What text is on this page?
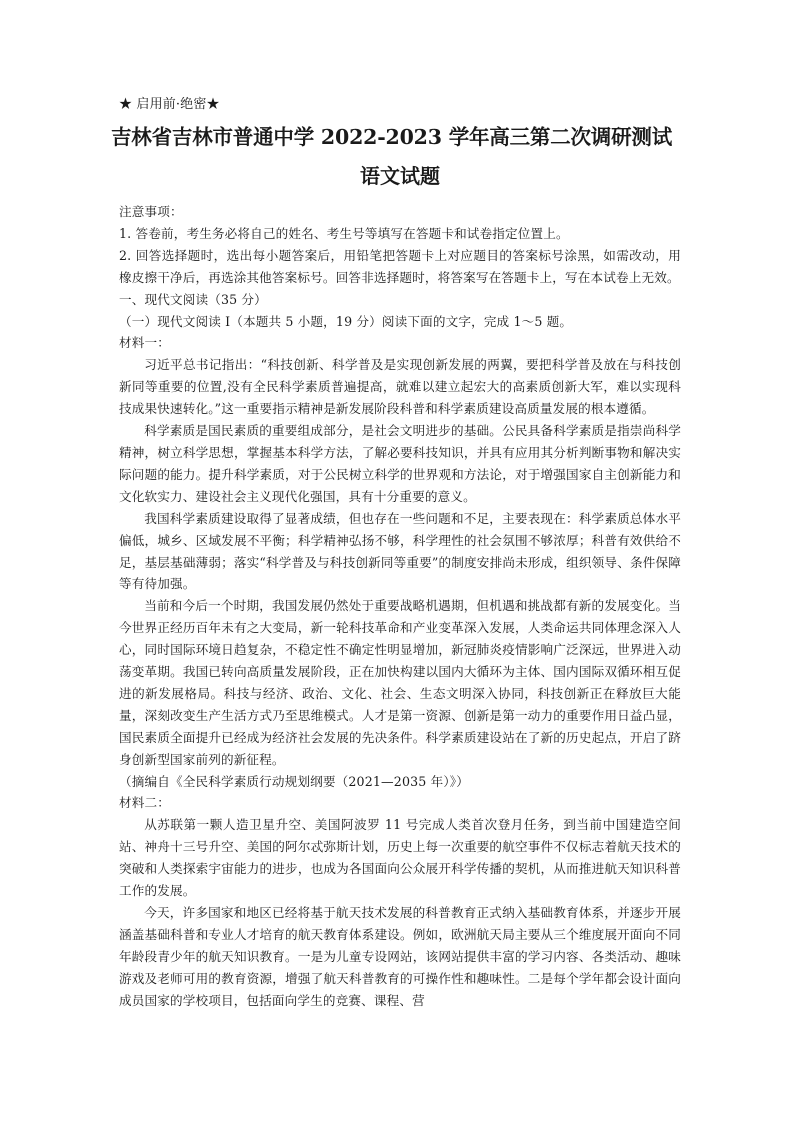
★ 启用前·绝密★

吉林省吉林市普通中学 2022-2023 学年高三第二次调研测试
语文试题

注意事项：

1. 答卷前，考生务必将自己的姓名、考生号等填写在答题卡和试卷指定位置上。

2. 回答选择题时，选出每小题答案后，用铅笔把答题卡上对应题目的答案标号涂黑，如需改动，用橡皮擦干净后，再选涂其他答案标号。回答非选择题时，将答案写在答题卡上，写在本试卷上无效。

一、现代文阅读（35 分）

（一）现代文阅读 I（本题共 5 小题，19 分）阅读下面的文字，完成 1～5 题。

材料一：

习近平总书记指出：“科技创新、科学普及是实现创新发展的两翼，要把科学普及放在与科技创新同等重要的位置,没有全民科学素质普遍提高，就难以建立起宏大的高素质创新大军，难以实现科技成果快速转化。”这一重要指示精神是新发展阶段科普和科学素质建设高质量发展的根本遵循。

科学素质是国民素质的重要组成部分，是社会文明进步的基础。公民具备科学素质是指崇尚科学精神，树立科学思想，掌握基本科学方法，了解必要科技知识，并具有应用其分析判断事物和解决实际问题的能力。提升科学素质，对于公民树立科学的世界观和方法论，对于增强国家自主创新能力和文化软实力、建设社会主义现代化强国，具有十分重要的意义。

我国科学素质建设取得了显著成绩，但也存在一些问题和不足，主要表现在：科学素质总体水平偏低，城乡、区域发展不平衡；科学精神弘扬不够，科学理性的社会氛围不够浓厚；科普有效供给不足，基层基础薄弱；落实“科学普及与科技创新同等重要”的制度安排尚未形成，组织领导、条件保障等有待加强。

当前和今后一个时期，我国发展仍然处于重要战略机遇期，但机遇和挑战都有新的发展变化。当今世界正经历百年未有之大变局，新一轮科技革命和产业变革深入发展，人类命运共同体理念深入人心，同时国际环境日趋复杂，不稳定性不确定性明显增加，新冠肺炎疫情影响广泛深远，世界进入动荡变革期。我国已转向高质量发展阶段，正在加快构建以国内大循环为主体、国内国际双循环相互促进的新发展格局。科技与经济、政治、文化、社会、生态文明深入协同，科技创新正在释放巨大能量，深刻改变生产生活方式乃至思维模式。人才是第一资源、创新是第一动力的重要作用日益凸显，国民素质全面提升已经成为经济社会发展的先决条件。科学素质建设站在了新的历史起点，开启了跻身创新型国家前列的新征程。

（摘编自《全民科学素质行动规划纲要（2021—2035 年）》）

材料二：

从苏联第一颗人造卫星升空、美国阿波罗 11 号完成人类首次登月任务，到当前中国建造空间站、神舟十三号升空、美国的阿尔忒弥斯计划，历史上每一次重要的航空事件不仅标志着航天技术的突破和人类探索宇宙能力的进步，也成为各国面向公众展开科学传播的契机，从而推进航天知识科普工作的发展。

今天，许多国家和地区已经将基于航天技术发展的科普教育正式纳入基础教育体系，并逐步开展涵盖基础科普和专业人才培育的航天教育体系建设。例如，欧洲航天局主要从三个维度展开面向不同年龄段青少年的航天知识教育。一是为儿童专设网站，该网站提供丰富的学习内容、各类活动、趣味游戏及老师可用的教育资源，增强了航天科普教育的可操作性和趣味性。二是每个学年都会设计面向成员国家的学校项目，包括面向学生的竞赛、课程、营
